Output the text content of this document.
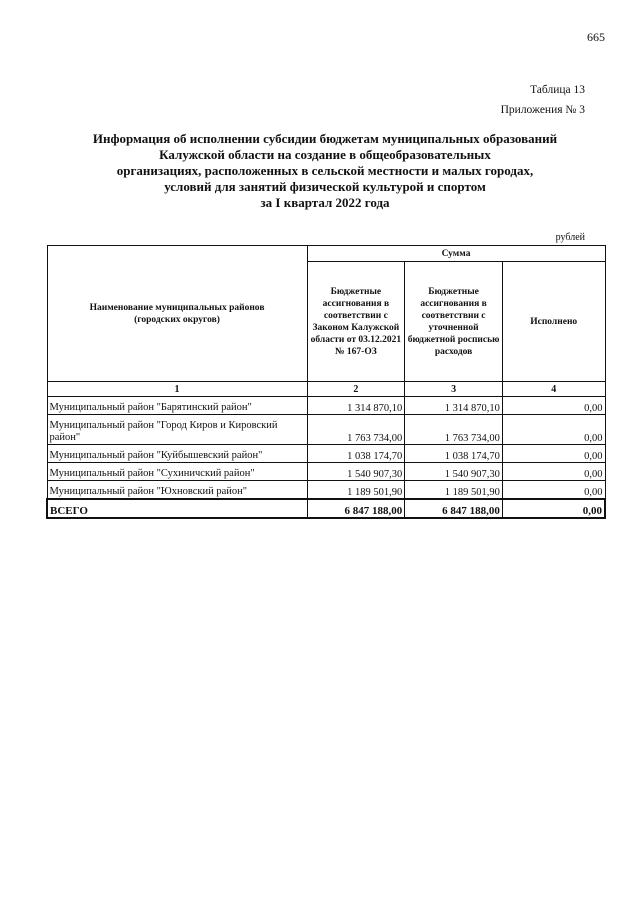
665
Таблица 13
Приложения № 3
Информация об исполнении субсидии бюджетам муниципальных образований
Калужской области на создание в общеобразовательных
организациях, расположенных в сельской местности и малых городах,
условий для занятий физической культурой и спортом
за I квартал 2022 года
рублей
Наименование муниципальных районов (городских округов)	Сумма		
	Бюджетные ассигнования в соответствии с Законом Калужской области от 03.12.2021 № 167-ОЗ	Бюджетные ассигнования в соответствии с уточненной бюджетной росписью расходов	Исполнено
1	2	3	4
Муниципальный район "Барятинский район"	1 314 870,10	1 314 870,10	0,00
Муниципальный район "Город Киров и Кировский район"	1 763 734,00	1 763 734,00	0,00
Муниципальный район "Куйбышевский район"	1 038 174,70	1 038 174,70	0,00
Муниципальный район "Сухиничский район"	1 540 907,30	1 540 907,30	0,00
Муниципальный район "Юхновский район"	1 189 501,90	1 189 501,90	0,00
ВСЕГО	6 847 188,00	6 847 188,00	0,00
